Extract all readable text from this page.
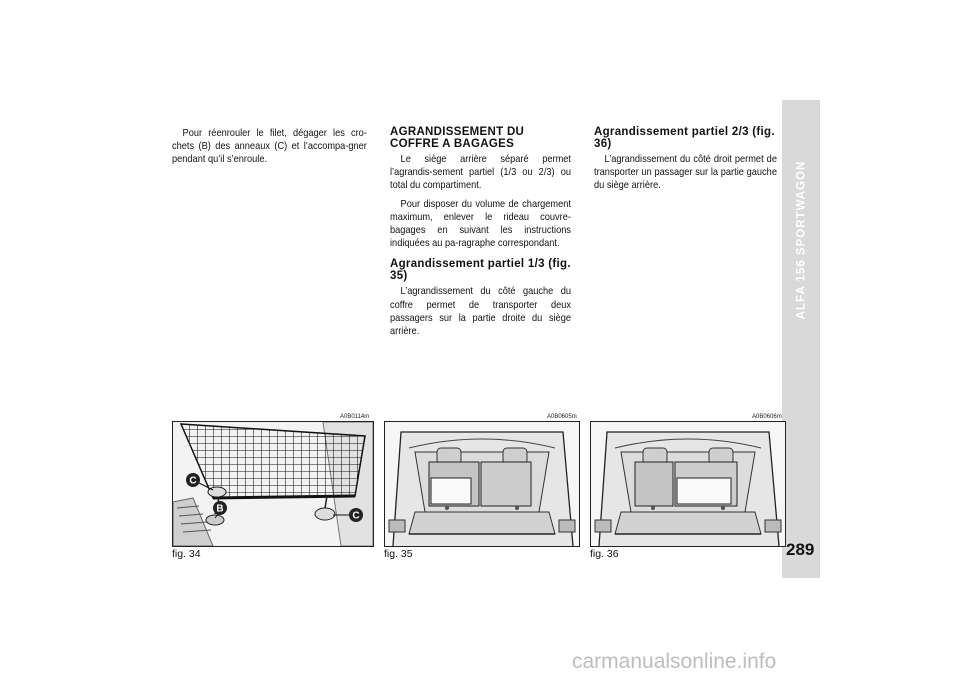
Pour réenrouler le filet, dégager les cro-chets (B) des anneaux (C) et l’accompa-gner pendant qu’il s’enroule.

AGRANDISSEMENT DU COFFRE A BAGAGES

Le siège arrière séparé permet l’agrandis-sement partiel (1/3 ou 2/3) ou total du compartiment.

Pour disposer du volume de chargement maximum, enlever le rideau couvre-bagages en suivant les instructions indiquées au pa-ragraphe correspondant.

Agrandissement partiel 1/3 (fig. 35)

L’agrandissement du côté gauche du coffre permet de transporter deux passagers sur la partie droite du siège arrière.

Agrandissement partiel 2/3 (fig. 36)

L’agrandissement du côté droit permet de transporter un passager sur la partie gauche du siège arrière.	ALFA 156 SPORTWAGON
289
A0B0114m
C
B
C
fig. 34
A0B0605m
fig. 35
A0B0606m
fig. 36
carmanualsonline.info
